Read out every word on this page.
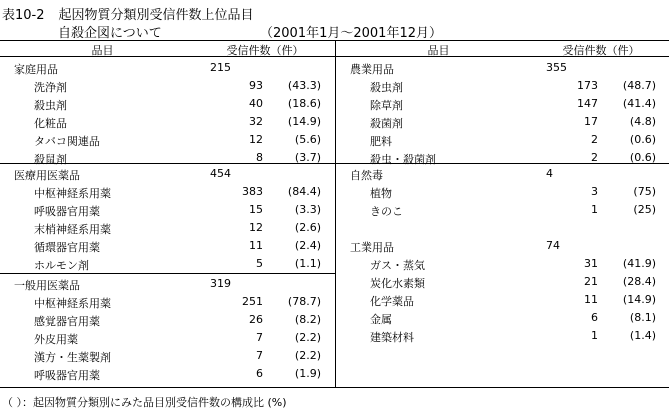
表10-2 起因物質分類別受信件数上位品目
自殺企図について	（2001年1月～2001年12月）
品目	受信件数（件）
家庭用品	215
洗浄剤	93 (43.3)
殺虫剤	40 (18.6)
化粧品	32 (14.9)
タバコ関連品	12	(5.6)
殺鼠剤	8	(3.7)
医療用医薬品	454
中枢神経系用薬	383 (84.4)
呼吸器官用薬	15	(3.3)
末梢神経系用薬	12	(2.6)
循環器官用薬	11	(2.4)
ホルモン剤	5	(1.1)
一般用医薬品	319
中枢神経系用薬	251 (78.7)
感覚器官用薬	26	(8.2)
外皮用薬	7	(2.2)
漢方・生薬製剤	7	(2.2)
呼吸器官用薬	6	(1.9)
品目	受信件数（件）
農業用品	355
殺虫剤	173 (48.7)
除草剤	147 (41.4)
殺菌剤	17	(4.8)
肥料	2	(0.6)
殺虫・殺菌剤	2	(0.6)
自然毒	4
植物	3	(75)
きのこ	1	(25)
工業用品	74
ガス・蒸気	31 (41.9)
炭化水素類	21 (28.4)
化学薬品	11 (14.9)
金属	6	(8.1)
建築材料	1	(1.4)
（ ）：起因物質分類別にみた品目別受信件数の構成比 (%)
